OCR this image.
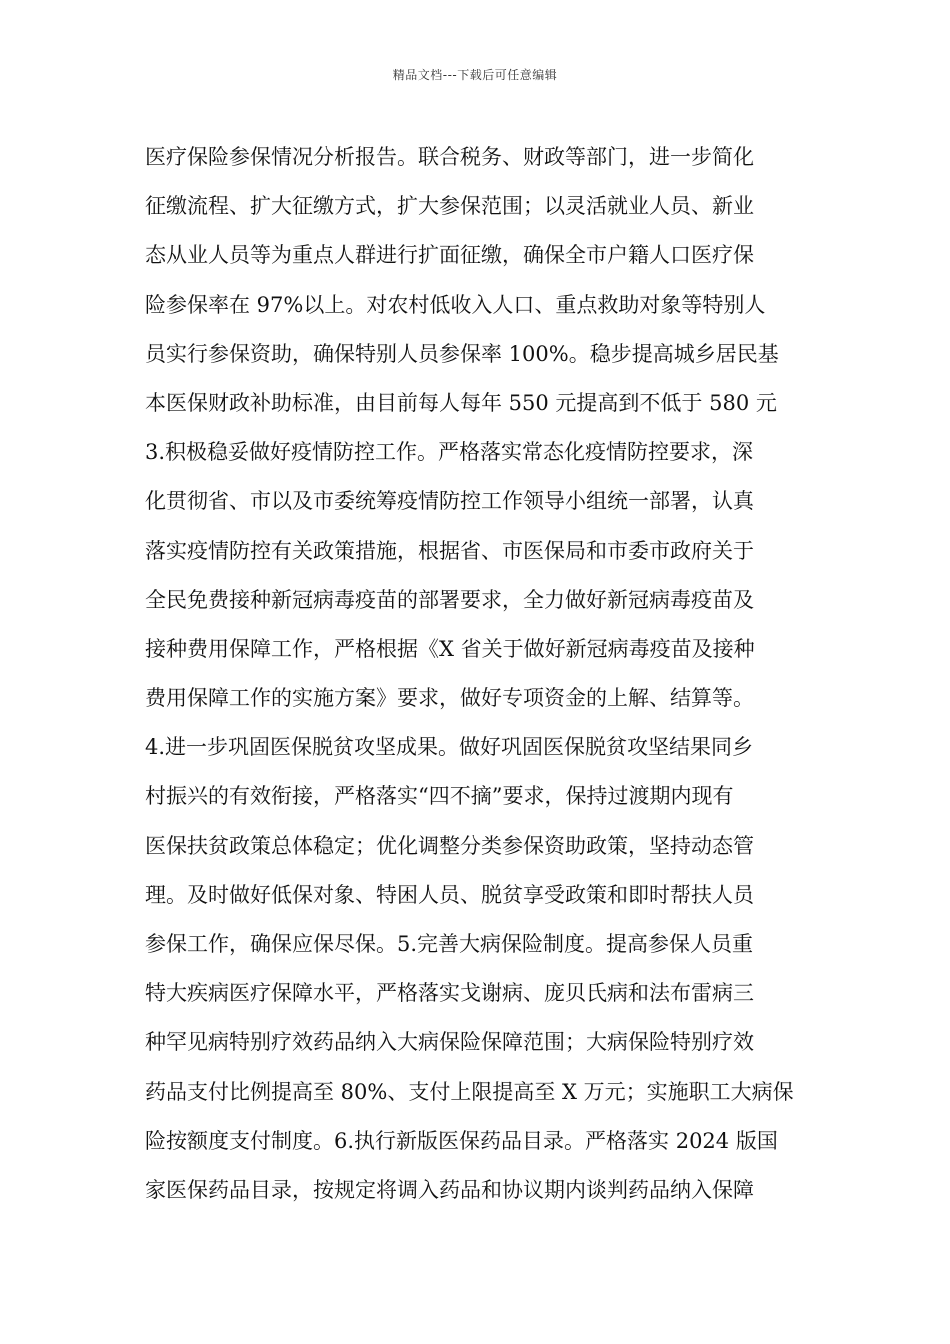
精品文档---下载后可任意编辑
医疗保险参保情况分析报告。联合税务、财政等部门，进一步简化
征缴流程、扩大征缴方式，扩大参保范围；以灵活就业人员、新业
态从业人员等为重点人群进行扩面征缴，确保全市户籍人口医疗保
险参保率在 97%以上。对农村低收入人口、重点救助对象等特别人
员实行参保资助，确保特别人员参保率 100%。稳步提高城乡居民基
本医保财政补助标准，由目前每人每年 550 元提高到不低于 580 元
3.积极稳妥做好疫情防控工作。严格落实常态化疫情防控要求，深
化贯彻省、市以及市委统筹疫情防控工作领导小组统一部署，认真
落实疫情防控有关政策措施，根据省、市医保局和市委市政府关于
全民免费接种新冠病毒疫苗的部署要求，全力做好新冠病毒疫苗及
接种费用保障工作，严格根据《X 省关于做好新冠病毒疫苗及接种
费用保障工作的实施方案》要求，做好专项资金的上解、结算等。
4.进一步巩固医保脱贫攻坚成果。做好巩固医保脱贫攻坚结果同乡
村振兴的有效衔接，严格落实“四不摘”要求，保持过渡期内现有
医保扶贫政策总体稳定；优化调整分类参保资助政策，坚持动态管
理。及时做好低保对象、特困人员、脱贫享受政策和即时帮扶人员
参保工作，确保应保尽保。5.完善大病保险制度。提高参保人员重
特大疾病医疗保障水平，严格落实戈谢病、庞贝氏病和法布雷病三
种罕见病特别疗效药品纳入大病保险保障范围；大病保险特别疗效
药品支付比例提高至 80%、支付上限提高至 X 万元；实施职工大病保
险按额度支付制度。6.执行新版医保药品目录。严格落实 2024 版国
家医保药品目录，按规定将调入药品和协议期内谈判药品纳入保障
